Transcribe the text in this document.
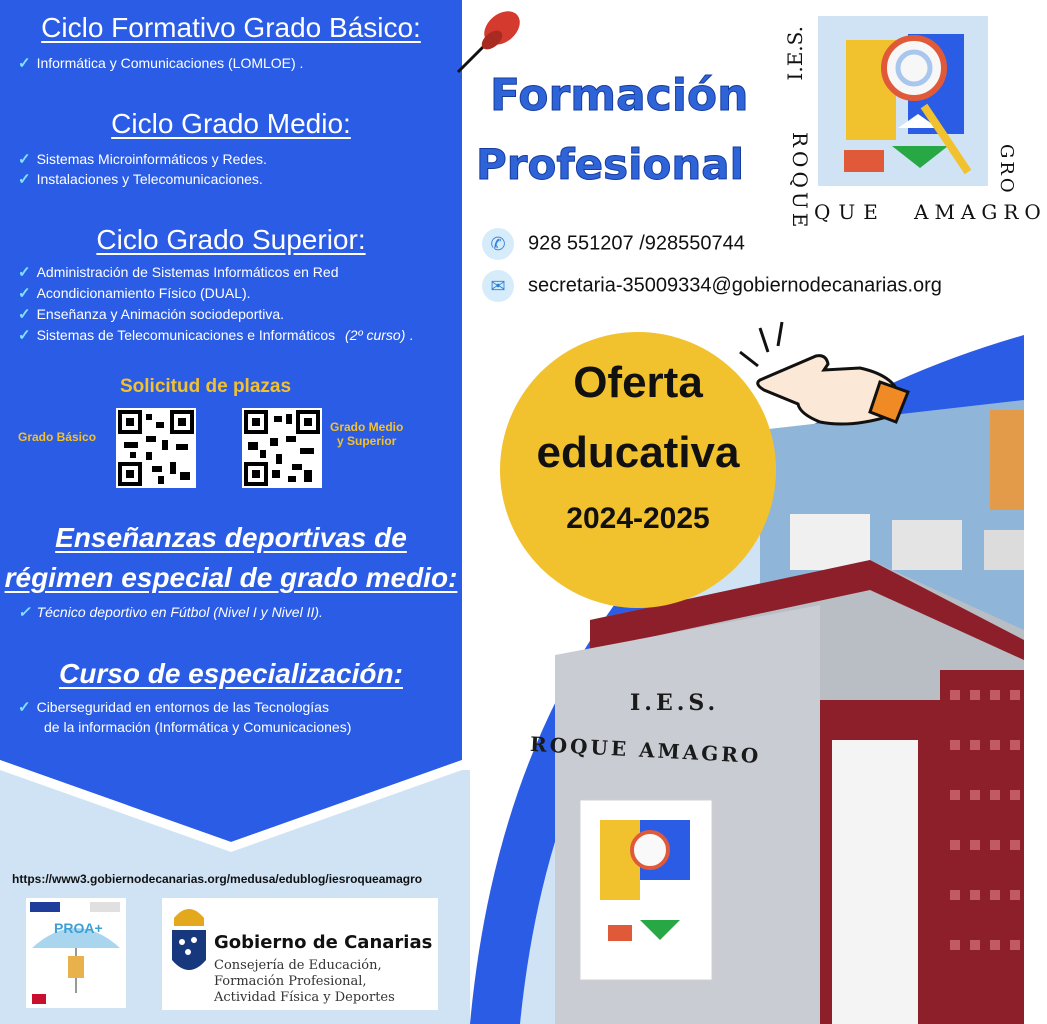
Ciclo Formativo Grado Básico:
✓ Informática y Comunicaciones (LOMLOE) .
Ciclo Grado Medio:
✓ Sistemas Microinformáticos y Redes.
✓ Instalaciones y Telecomunicaciones.
Ciclo Grado Superior:
✓ Administración de Sistemas Informáticos en Red
✓ Acondicionamiento Físico (DUAL).
✓ Enseñanza y Animación sociodeportiva.
✓ Sistemas de Telecomunicaciones e Informáticos (2º curso) .
Solicitud de plazas
Grado Básico
Grado Medio
y Superior
Enseñanzas deportivas de
régimen especial de grado medio:
✓ Técnico deportivo en Fútbol (Nivel I y Nivel II).
Curso de especialización:
✓ Ciberseguridad en entornos de las Tecnologías
de la información (Informática y Comunicaciones)
https://www3.gobiernodecanarias.org/medusa/edublog/iesroqueamagro
PROA+
Gobierno de Canarias
Consejería de Educación,
Formación Profesional,
Actividad Física y Deportes
I.E.S.
ROQUE AMAGRO
Formación
Profesional
I.E.S.
ROQUE QUE AMAGRO
GRO
✆ 928 551207 /928550744
✉ secretaria-35009334@gobiernodecanarias.org
Oferta
educativa
2024-2025
